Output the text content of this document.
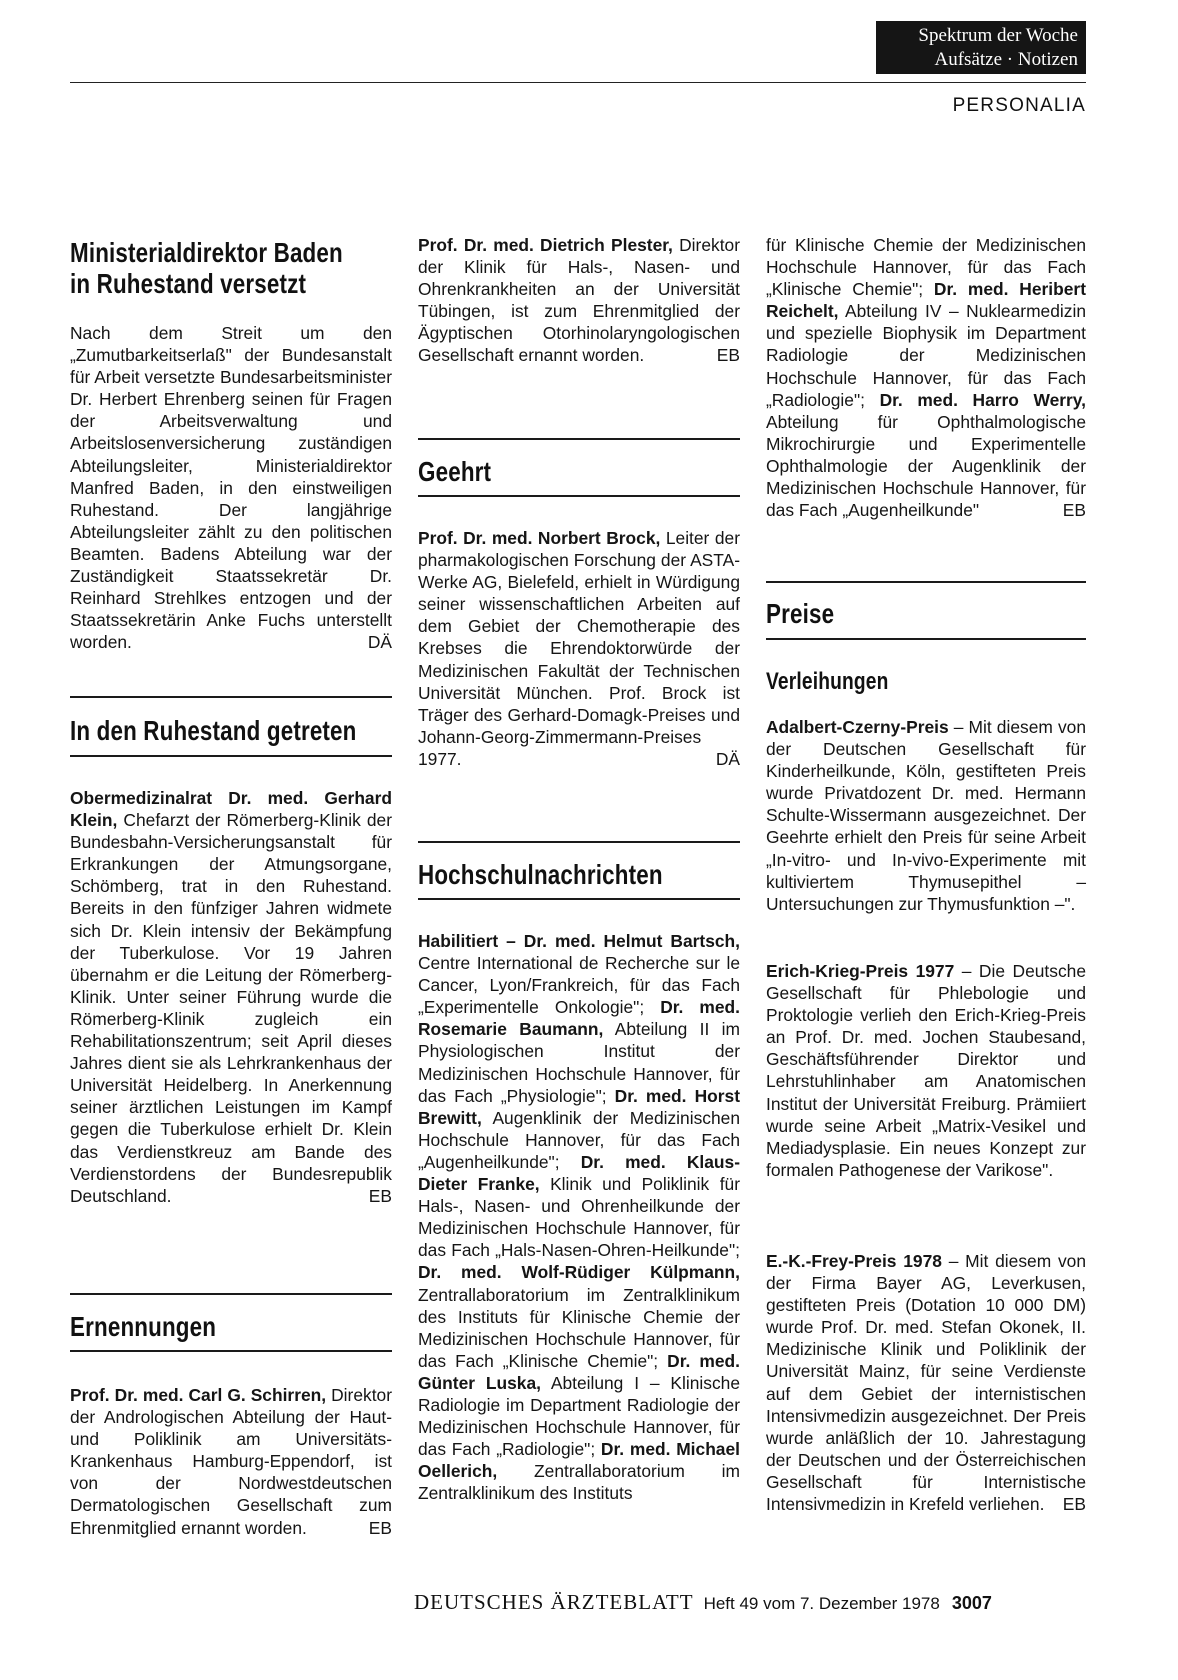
Spektrum der Woche
Aufsätze · Notizen
PERSONALIA
Ministerialdirektor Baden
in Ruhestand versetzt
Nach dem Streit um den „Zumutbarkeitserlaß" der Bundesanstalt für Arbeit versetzte Bundesarbeitsminister Dr. Herbert Ehrenberg seinen für Fragen der Arbeitsverwaltung und Arbeitslosenversicherung zuständigen Abteilungsleiter, Ministerialdirektor Manfred Baden, in den einstweiligen Ruhestand. Der langjährige Abteilungsleiter zählt zu den politischen Beamten. Badens Abteilung war der Zuständigkeit Staatssekretär Dr. Reinhard Strehlkes entzogen und der Staatssekretärin Anke Fuchs unterstellt worden.	DÄ
In den Ruhestand getreten
Obermedizinalrat Dr. med. Gerhard Klein, Chefarzt der Römerberg-Klinik der Bundesbahn-Versicherungsanstalt für Erkrankungen der Atmungsorgane, Schömberg, trat in den Ruhestand. Bereits in den fünfziger Jahren widmete sich Dr. Klein intensiv der Bekämpfung der Tuberkulose. Vor 19 Jahren übernahm er die Leitung der Römerberg-Klinik. Unter seiner Führung wurde die Römerberg-Klinik zugleich ein Rehabilitationszentrum; seit April dieses Jahres dient sie als Lehrkrankenhaus der Universität Heidelberg. In Anerkennung seiner ärztlichen Leistungen im Kampf gegen die Tuberkulose erhielt Dr. Klein das Verdienstkreuz am Bande des Verdienstordens der Bundesrepublik Deutschland.	EB
Ernennungen
Prof. Dr. med. Carl G. Schirren, Direktor der Andrologischen Abteilung der Haut- und Poliklinik am Universitäts-Krankenhaus Hamburg-Eppendorf, ist von der Nordwestdeutschen Dermatologischen Gesellschaft zum Ehrenmitglied ernannt worden.	EB
Prof. Dr. med. Dietrich Plester, Direktor der Klinik für Hals-, Nasen- und Ohrenkrankheiten an der Universität Tübingen, ist zum Ehrenmitglied der Ägyptischen Otorhinolaryngologischen Gesellschaft ernannt worden.	EB
Geehrt
Prof. Dr. med. Norbert Brock, Leiter der pharmakologischen Forschung der ASTA-Werke AG, Bielefeld, erhielt in Würdigung seiner wissenschaftlichen Arbeiten auf dem Gebiet der Chemotherapie des Krebses die Ehrendoktorwürde der Medizinischen Fakultät der Technischen Universität München. Prof. Brock ist Träger des Gerhard-Domagk-Preises und Johann-Georg-Zimmermann-Preises 1977.	DÄ
Hochschulnachrichten
Habilitiert – Dr. med. Helmut Bartsch, Centre International de Recherche sur le Cancer, Lyon/Frankreich, für das Fach „Experimentelle Onkologie"; Dr. med. Rosemarie Baumann, Abteilung II im Physiologischen Institut der Medizinischen Hochschule Hannover, für das Fach „Physiologie"; Dr. med. Horst Brewitt, Augenklinik der Medizinischen Hochschule Hannover, für das Fach „Augenheilkunde"; Dr. med. Klaus-Dieter Franke, Klinik und Poliklinik für Hals-, Nasen- und Ohrenheilkunde der Medizinischen Hochschule Hannover, für das Fach „Hals-Nasen-Ohren-Heilkunde"; Dr. med. Wolf-Rüdiger Külpmann, Zentrallaboratorium im Zentralklinikum des Instituts für Klinische Chemie der Medizinischen Hochschule Hannover, für das Fach „Klinische Chemie"; Dr. med. Günter Luska, Abteilung I – Klinische Radiologie im Department Radiologie der Medizinischen Hochschule Hannover, für das Fach „Radiologie"; Dr. med. Michael Oellerich, Zentrallaboratorium im Zentralklinikum des Instituts
für Klinische Chemie der Medizinischen Hochschule Hannover, für das Fach „Klinische Chemie"; Dr. med. Heribert Reichelt, Abteilung IV – Nuklearmedizin und spezielle Biophysik im Department Radiologie der Medizinischen Hochschule Hannover, für das Fach „Radiologie"; Dr. med. Harro Werry, Abteilung für Ophthalmologische Mikrochirurgie und Experimentelle Ophthalmologie der Augenklinik der Medizinischen Hochschule Hannover, für das Fach „Augenheilkunde"	EB
Preise
Verleihungen
Adalbert-Czerny-Preis – Mit diesem von der Deutschen Gesellschaft für Kinderheilkunde, Köln, gestifteten Preis wurde Privatdozent Dr. med. Hermann Schulte-Wissermann ausgezeichnet. Der Geehrte erhielt den Preis für seine Arbeit „In-vitro- und In-vivo-Experimente mit kultiviertem Thymusepithel – Untersuchungen zur Thymusfunktion –".
Erich-Krieg-Preis 1977 – Die Deutsche Gesellschaft für Phlebologie und Proktologie verlieh den Erich-Krieg-Preis an Prof. Dr. med. Jochen Staubesand, Geschäftsführender Direktor und Lehrstuhlinhaber am Anatomischen Institut der Universität Freiburg. Prämiiert wurde seine Arbeit „Matrix-Vesikel und Mediadysplasie. Ein neues Konzept zur formalen Pathogenese der Varikose".
E.-K.-Frey-Preis 1978 – Mit diesem von der Firma Bayer AG, Leverkusen, gestifteten Preis (Dotation 10 000 DM) wurde Prof. Dr. med. Stefan Okonek, II. Medizinische Klinik und Poliklinik der Universität Mainz, für seine Verdienste auf dem Gebiet der internistischen Intensivmedizin ausgezeichnet. Der Preis wurde anläßlich der 10. Jahrestagung der Deutschen und der Österreichischen Gesellschaft für Internistische Intensivmedizin in Krefeld verliehen. EB
DEUTSCHES ÄRZTEBLATT Heft 49 vom 7. Dezember 1978 3007
